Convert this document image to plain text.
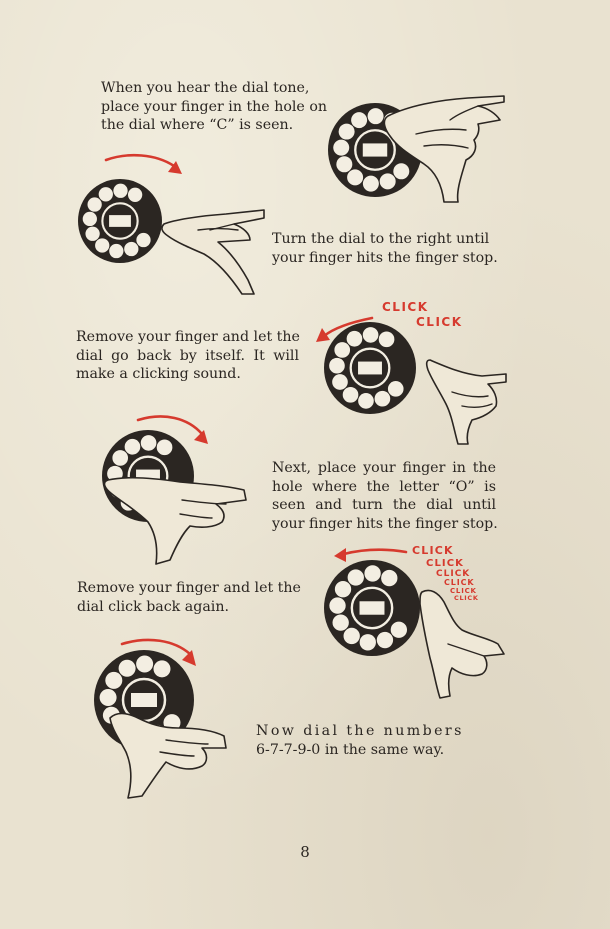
When you hear the dial tone,
place your finger in the hole on
the dial where “C” is seen.
Turn the dial to the right until
your finger hits the finger stop.
Remove your finger and let the
dial go back by itself. It will
make a clicking sound.
Next, place your finger in the
hole where the letter “O” is
seen and turn the dial until
your finger hits the finger stop.
Remove your finger and let the
dial click back again.
Now dial the numbers
6-7-7-9-0 in the same way.
CLICK
CLICK
CLICK
CLICK
CLICK
CLICK
CLICK
CLICK
8
